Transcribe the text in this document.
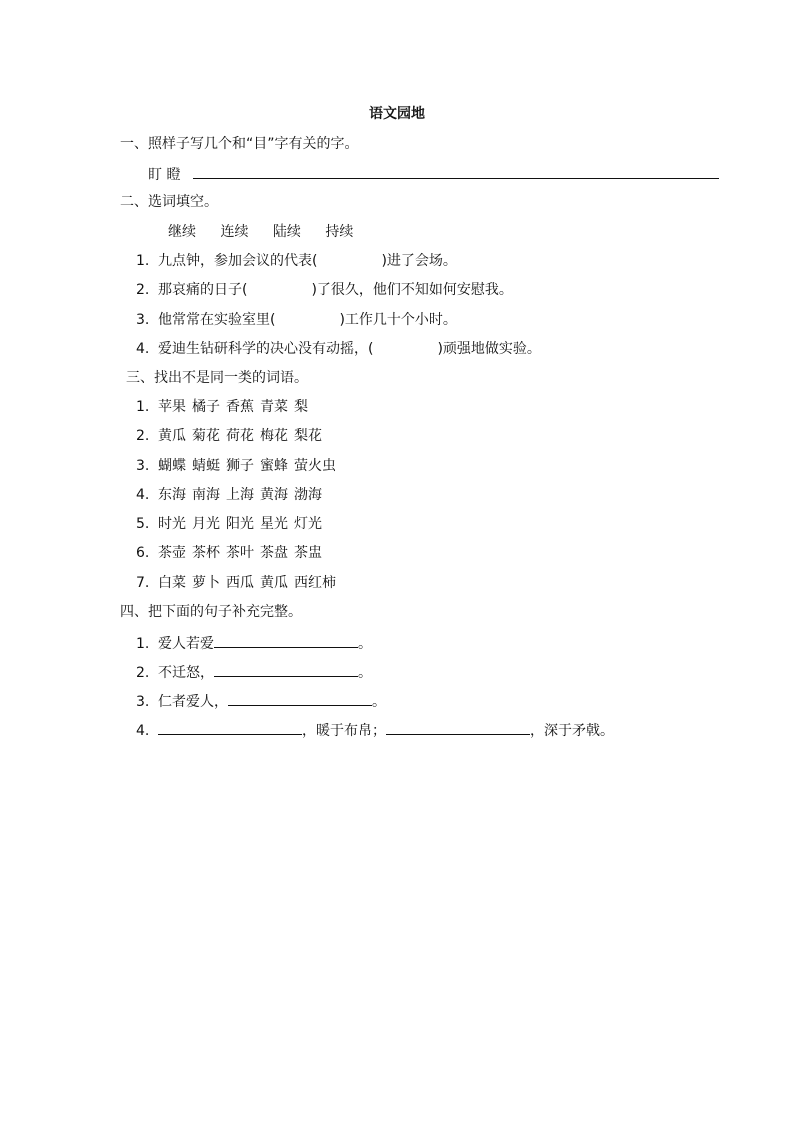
语文园地
一、照样子写几个和“目”字有关的字。
盯 瞪
二、选词填空。
继续 连续 陆续 持续
1. 九点钟，参加会议的代表(	)进了会场。
2. 那哀痛的日子(	)了很久，他们不知如何安慰我。
3. 他常常在实验室里(	)工作几十个小时。
4. 爱迪生钻研科学的决心没有动摇，(	)顽强地做实验。
三、找出不是同一类的词语。
1. 苹果 橘子 香蕉 青菜 梨
2. 黄瓜 菊花 荷花 梅花 梨花
3. 蝴蝶 蜻蜓 狮子 蜜蜂 萤火虫
4. 东海 南海 上海 黄海 渤海
5. 时光 月光 阳光 星光 灯光
6. 茶壶 茶杯 茶叶 茶盘 茶盅
7. 白菜 萝卜 西瓜 黄瓜 西红柿
四、把下面的句子补充完整。
1. 爱人若爱	。
2. 不迁怒，	。
3. 仁者爱人，	。
4.	，暖于布帛；	，深于矛戟。
